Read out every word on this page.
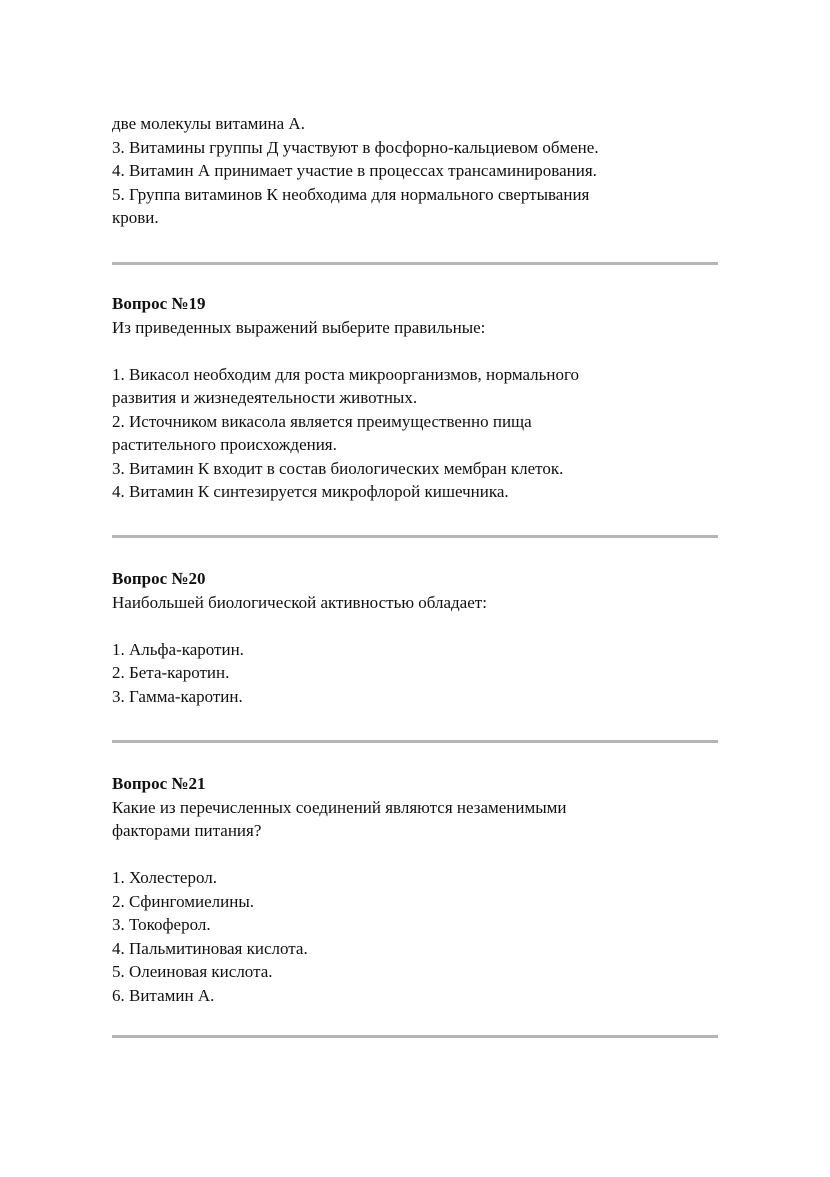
две молекулы витамина А.
3. Витамины группы Д участвуют в фосфорно-кальциевом обмене.
4. Витамин А принимает участие в процессах трансаминирования.
5. Группа витаминов К необходима для нормального свертывания
крови.
Вопрос №19
Из приведенных выражений выберите правильные:
1. Викасол необходим для роста микроорганизмов, нормального
развития и жизнедеятельности животных.
2. Источником викасола является преимущественно пища
растительного происхождения.
3. Витамин К входит в состав биологических мембран клеток.
4. Витамин К синтезируется микрофлорой кишечника.
Вопрос №20
Наибольшей биологической активностью обладает:
1. Альфа-каротин.
2. Бета-каротин.
3. Гамма-каротин.
Вопрос №21
Какие из перечисленных соединений являются незаменимыми
факторами питания?
1. Холестерол.
2. Сфингомиелины.
3. Токоферол.
4. Пальмитиновая кислота.
5. Олеиновая кислота.
6. Витамин А.
